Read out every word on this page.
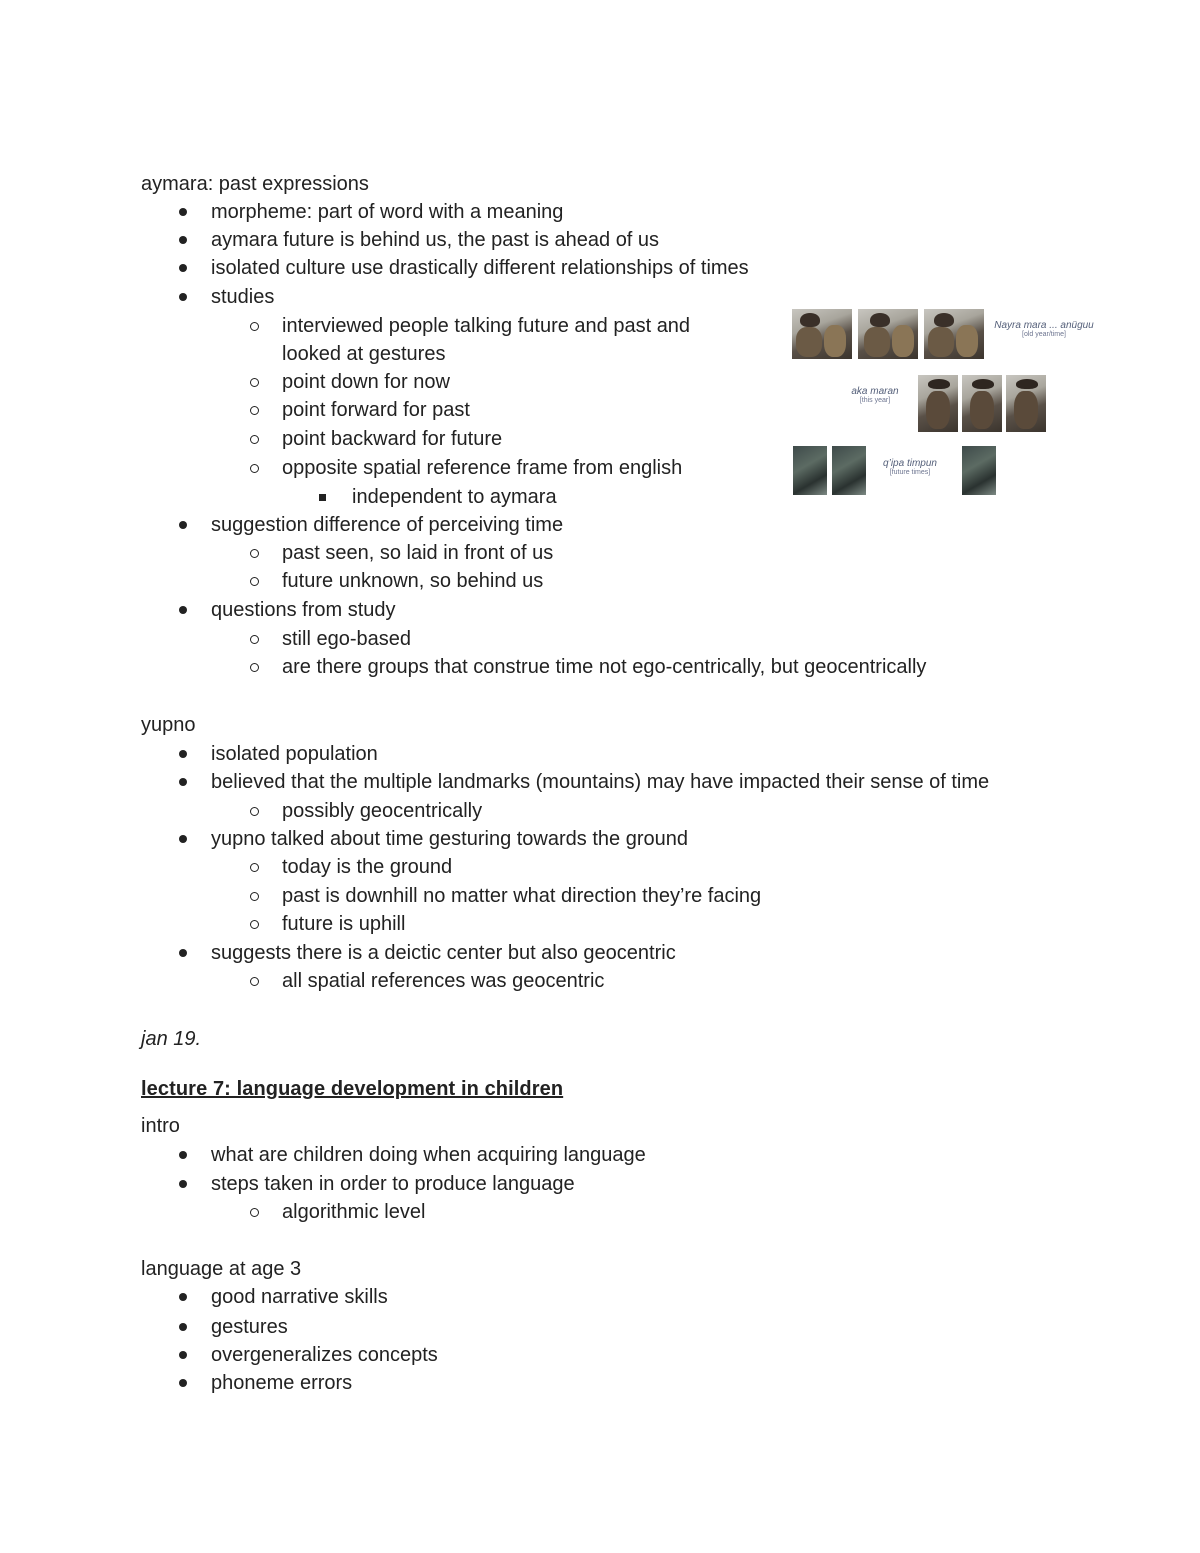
aymara: past expressions
morpheme: part of word with a meaning
aymara future is behind us, the past is ahead of us
isolated culture use drastically different relationships of times
studies
interviewed people talking future and past and
looked at gestures
point down for now
point forward for past
point backward for future
opposite spatial reference frame from english
independent to aymara
suggestion difference of perceiving time
past seen, so laid in front of us
future unknown, so behind us
questions from study
still ego-based
are there groups that construe time not ego-centrically, but geocentrically
Nayra mara ... anüguu
[old year/time]
aka maran
[this year]
q’ipa timpun
[future times]
yupno
isolated population
believed that the multiple landmarks (mountains) may have impacted their sense of time
possibly geocentrically
yupno talked about time gesturing towards the ground
today is the ground
past is downhill no matter what direction they’re facing
future is uphill
suggests there is a deictic center but also geocentric
all spatial references was geocentric
jan 19.
lecture 7: language development in children
intro
what are children doing when acquiring language
steps taken in order to produce language
algorithmic level
language at age 3
good narrative skills
gestures
overgeneralizes concepts
phoneme errors
